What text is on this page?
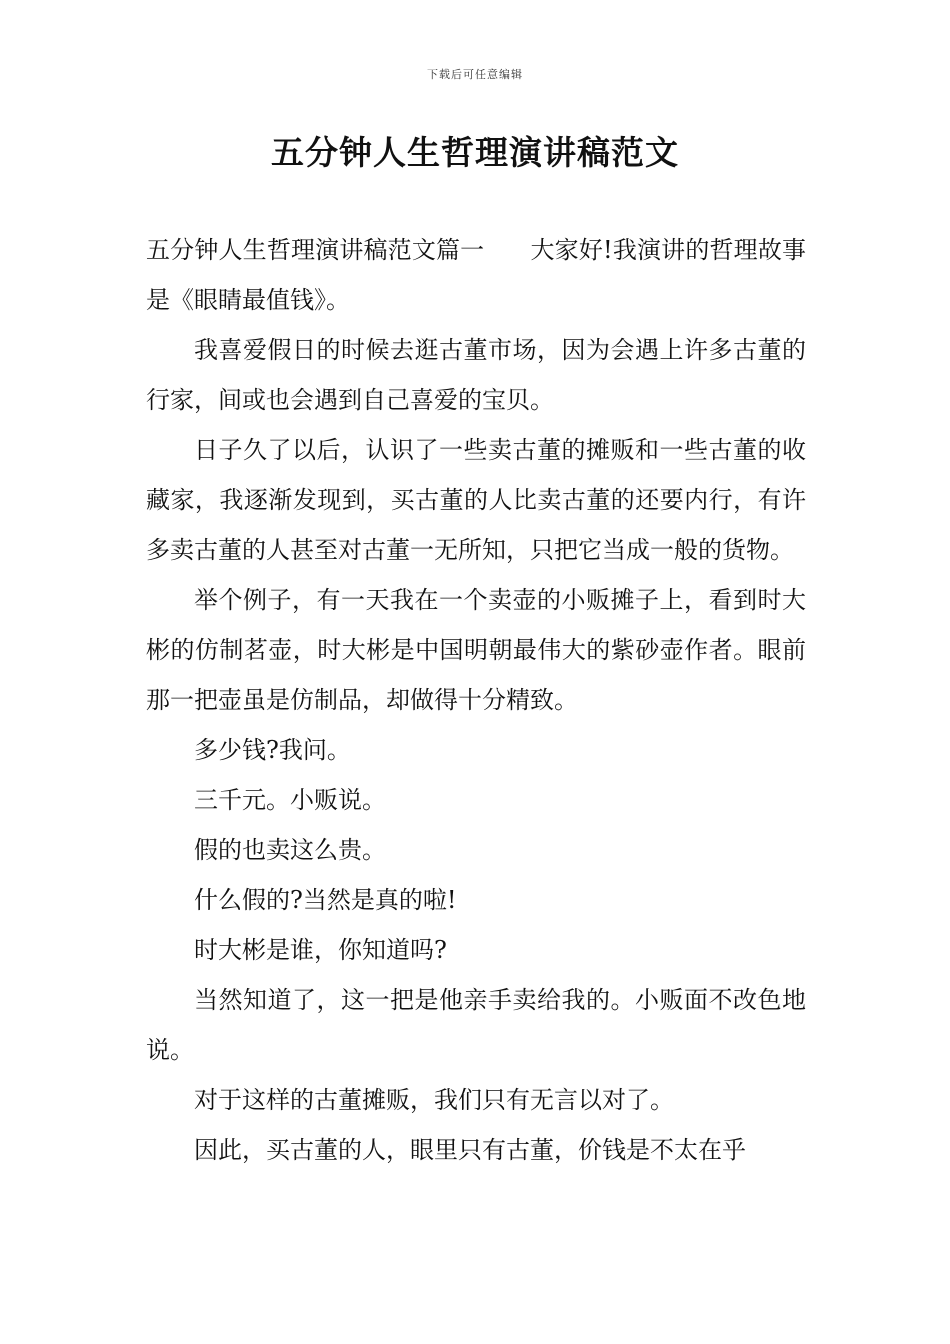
下载后可任意编辑
五分钟人生哲理演讲稿范文

五分钟人生哲理演讲稿范文篇一 大家好!我演讲的哲理故事是《眼睛最值钱》。

我喜爱假日的时候去逛古董市场，因为会遇上许多古董的行家，间或也会遇到自己喜爱的宝贝。

日子久了以后，认识了一些卖古董的摊贩和一些古董的收藏家，我逐渐发现到，买古董的人比卖古董的还要内行，有许多卖古董的人甚至对古董一无所知，只把它当成一般的货物。

举个例子，有一天我在一个卖壶的小贩摊子上，看到时大彬的仿制茗壶，时大彬是中国明朝最伟大的紫砂壶作者。眼前那一把壶虽是仿制品，却做得十分精致。

多少钱?我问。

三千元。小贩说。

假的也卖这么贵。

什么假的?当然是真的啦!

时大彬是谁，你知道吗?

当然知道了，这一把是他亲手卖给我的。小贩面不改色地说。

对于这样的古董摊贩，我们只有无言以对了。

因此，买古董的人，眼里只有古董，价钱是不太在乎
